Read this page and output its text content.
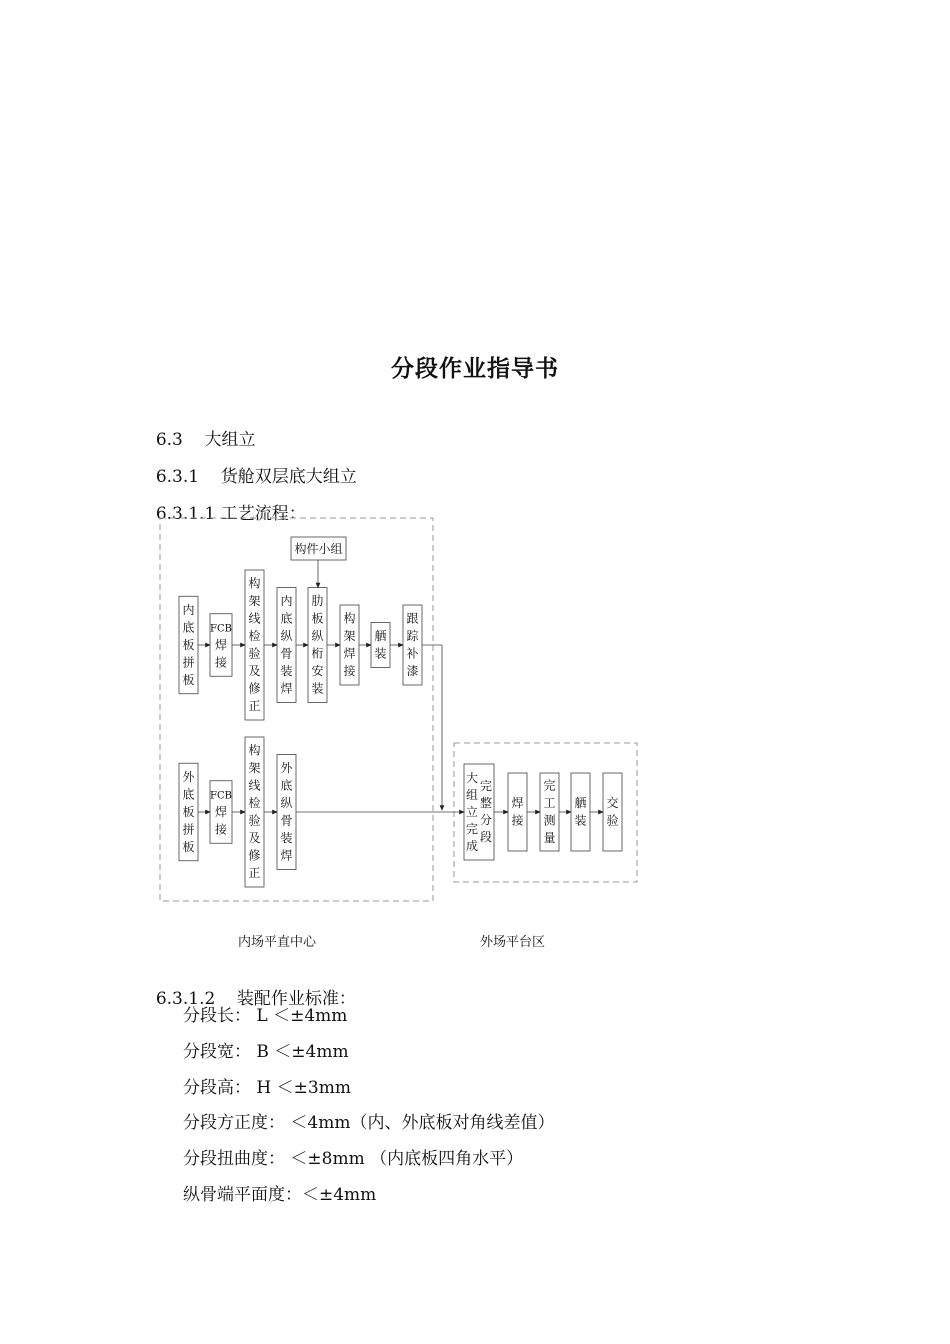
分段作业指导书

6.3 大组立

6.3.1 货舱双层底大组立

6.3.1.1 工艺流程：

内
底
板
拼
板
FCB
焊
接
构
架
线
检
验
及
修
正
内
底
纵
骨
装
焊
肋
板
纵
桁
安
装
构
架
焊
接
舾
装
跟
踪
补
漆
构件小组
外
底
板
拼
板
FCB
焊
接
构
架
线
检
验
及
修
正
外
底
纵
骨
装
焊
大
组
立
完
成
完
整
分
段
焊
接
完
工
测
量
舾
装
交
验
内场平直中心	外场平台区

6.3.1.2 装配作业标准：

分段长： L ＜±4mm
分段宽： B ＜±4mm
分段高： H ＜±3mm
分段方正度： ＜4mm（内、外底板对角线差值）
分段扭曲度： ＜±8mm （内底板四角水平）
纵骨端平面度：＜±4mm
